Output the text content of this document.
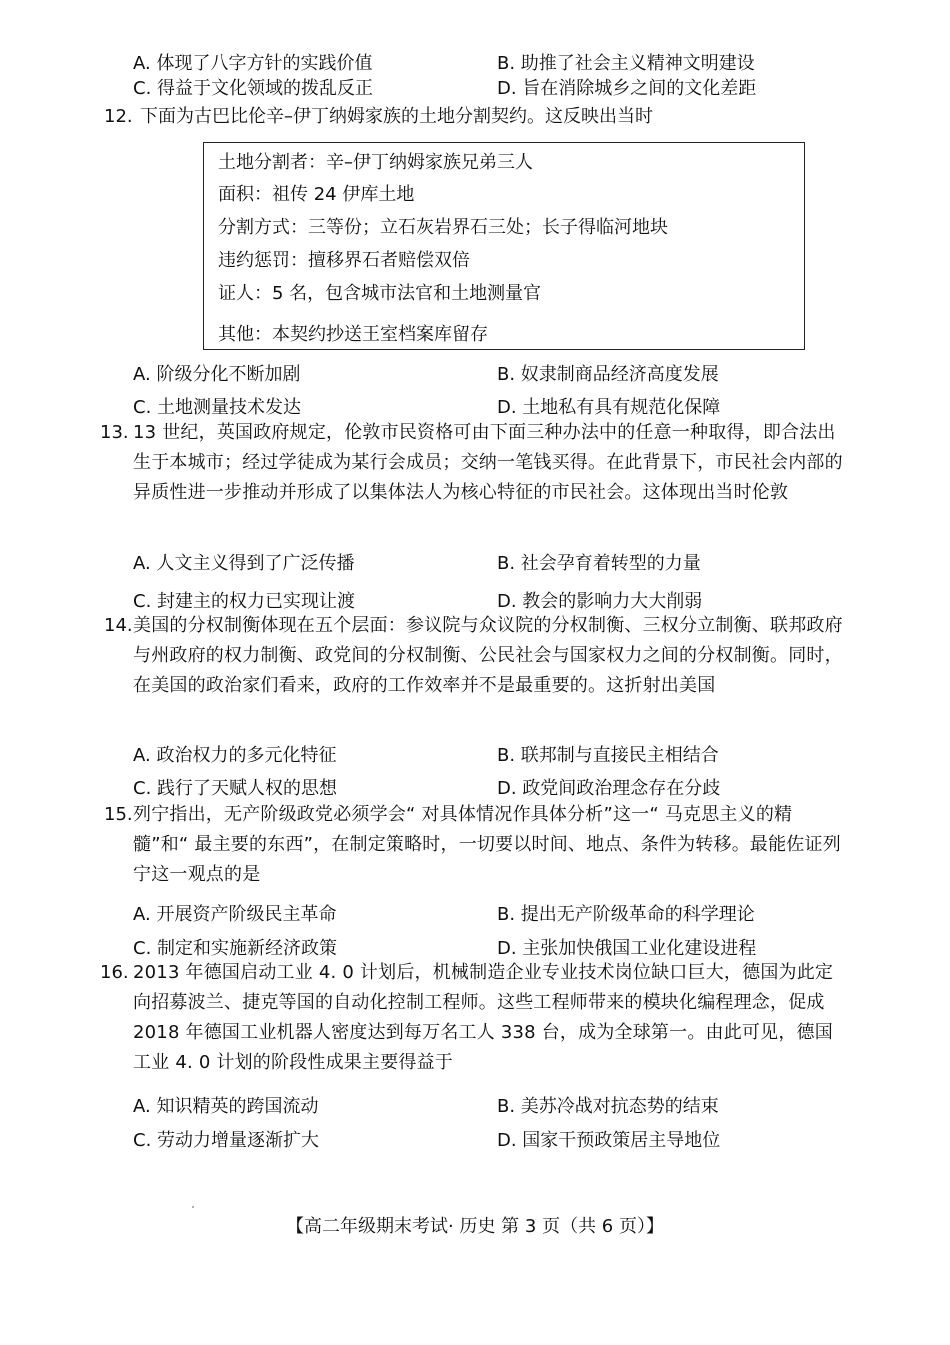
A. 体现了八字方针的实践价值	B. 助推了社会主义精神文明建设
C. 得益于文化领域的拨乱反正	D. 旨在消除城乡之间的文化差距
12. 下面为古巴比伦辛–伊丁纳姆家族的土地分割契约。这反映出当时
土地分割者：辛–伊丁纳姆家族兄弟三人
面积：祖传 24 伊库土地
分割方式：三等份；立石灰岩界石三处；长子得临河地块
违约惩罚：擅移界石者赔偿双倍
证人：5 名，包含城市法官和土地测量官
其他：本契约抄送王室档案库留存
A. 阶级分化不断加剧	B. 奴隶制商品经济高度发展
C. 土地测量技术发达	D. 土地私有具有规范化保障
13. 13 世纪，英国政府规定，伦敦市民资格可由下面三种办法中的任意一种取得，即合法出生于本城市；经过学徒成为某行会成员；交纳一笔钱买得。在此背景下，市民社会内部的异质性进一步推动并形成了以集体法人为核心特征的市民社会。这体现出当时伦敦
A. 人文主义得到了广泛传播	B. 社会孕育着转型的力量
C. 封建主的权力已实现让渡	D. 教会的影响力大大削弱
14. 美国的分权制衡体现在五个层面：参议院与众议院的分权制衡、三权分立制衡、联邦政府与州政府的权力制衡、政党间的分权制衡、公民社会与国家权力之间的分权制衡。同时，在美国的政治家们看来，政府的工作效率并不是最重要的。这折射出美国
A. 政治权力的多元化特征	B. 联邦制与直接民主相结合
C. 践行了天赋人权的思想	D. 政党间政治理念存在分歧
15. 列宁指出，无产阶级政党必须学会“ 对具体情况作具体分析”这一“ 马克思主义的精髓”和“ 最主要的东西”，在制定策略时，一切要以时间、地点、条件为转移。最能佐证列宁这一观点的是
A. 开展资产阶级民主革命	B. 提出无产阶级革命的科学理论
C. 制定和实施新经济政策	D. 主张加快俄国工业化建设进程
16. 2013 年德国启动工业 4. 0 计划后，机械制造企业专业技术岗位缺口巨大，德国为此定向招募波兰、捷克等国的自动化控制工程师。这些工程师带来的模块化编程理念，促成 2018 年德国工业机器人密度达到每万名工人 338 台，成为全球第一。由此可见，德国工业 4. 0 计划的阶段性成果主要得益于
A. 知识精英的跨国流动	B. 美苏冷战对抗态势的结束
C. 劳动力增量逐渐扩大	D. 国家干预政策居主导地位
【高二年级期末考试· 历史 第 3 页（共 6 页）】
